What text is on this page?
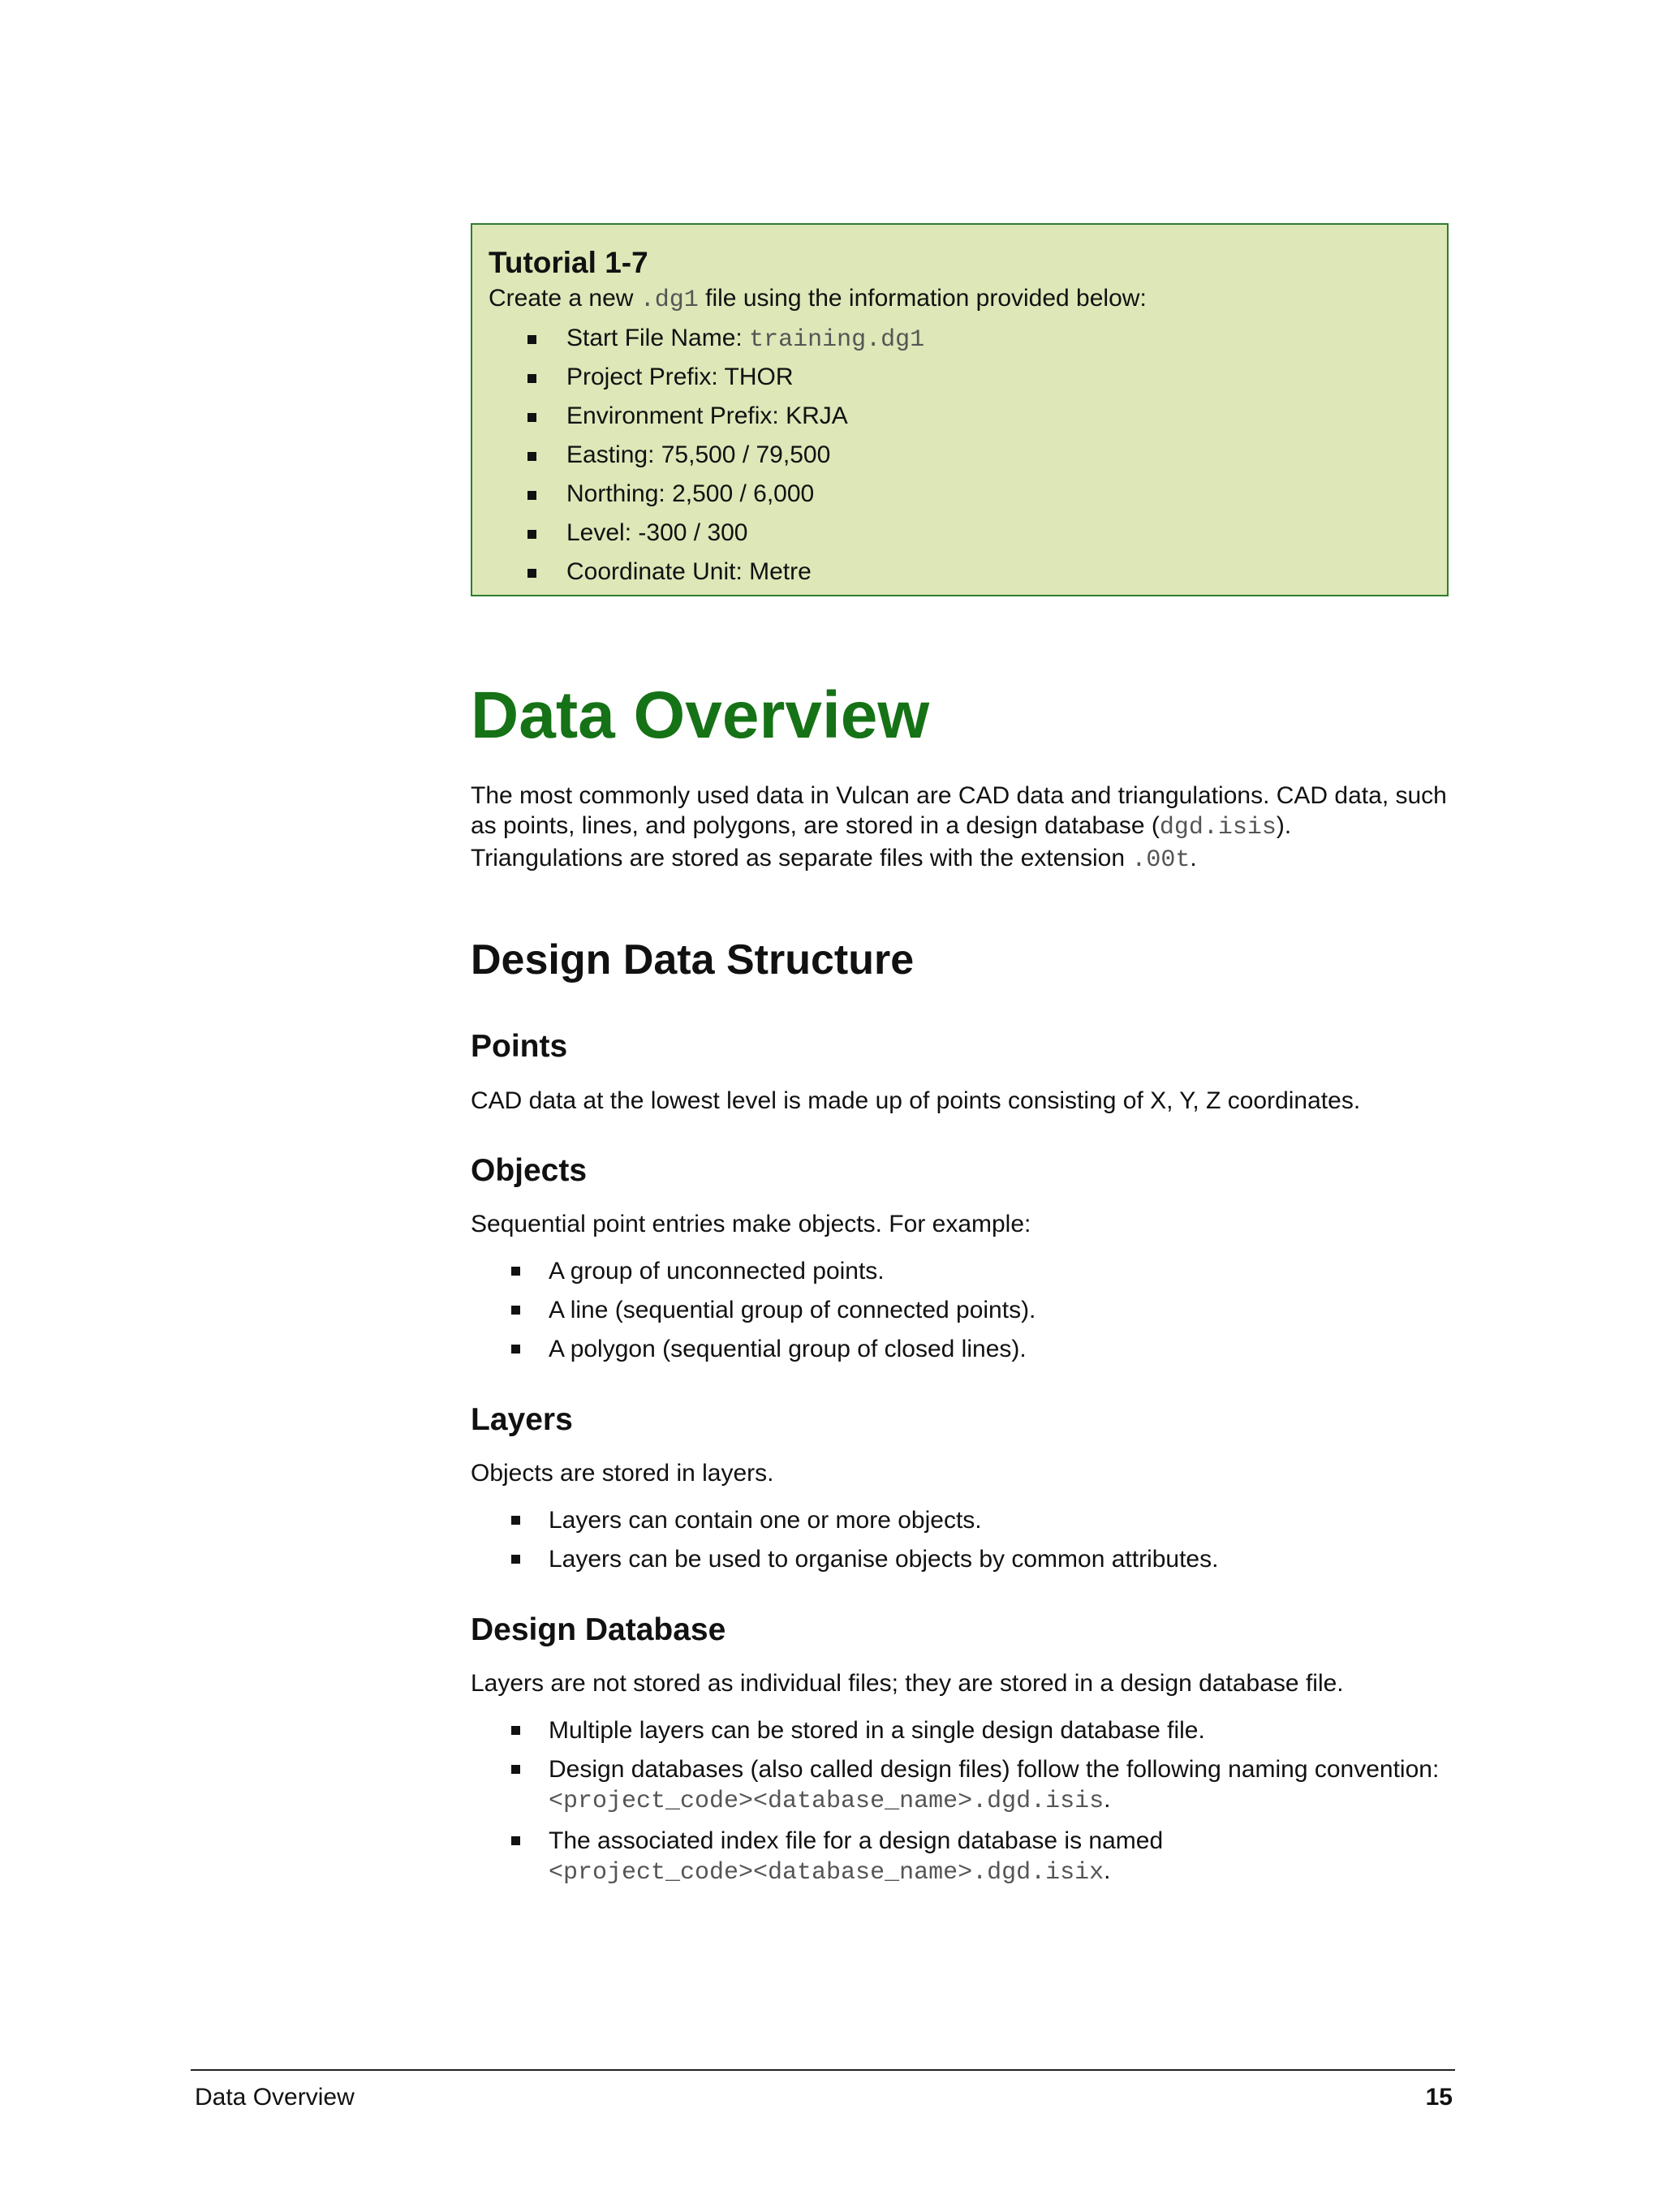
Tutorial 1-7
Create a new .dg1 file using the information provided below:
Start File Name: training.dg1
Project Prefix: THOR
Environment Prefix: KRJA
Easting: 75,500 / 79,500
Northing: 2,500 / 6,000
Level: -300 / 300
Coordinate Unit: Metre
Data Overview

The most commonly used data in Vulcan are CAD data and triangulations. CAD data, such as points, lines, and polygons, are stored in a design database (dgd.isis).
Triangulations are stored as separate files with the extension .00t.

Design Data Structure
Points

CAD data at the lowest level is made up of points consisting of X, Y, Z coordinates.

Objects

Sequential point entries make objects. For example:

A group of unconnected points.
A line (sequential group of connected points).
A polygon (sequential group of closed lines).
Layers

Objects are stored in layers.

Layers can contain one or more objects.
Layers can be used to organise objects by common attributes.
Design Database

Layers are not stored as individual files; they are stored in a design database file.

Multiple layers can be stored in a single design database file.
Design databases (also called design files) follow the following naming convention: <project_code><database_name>.dgd.isis.
The associated index file for a design database is named
<project_code><database_name>.dgd.isix.
Data Overview	15
